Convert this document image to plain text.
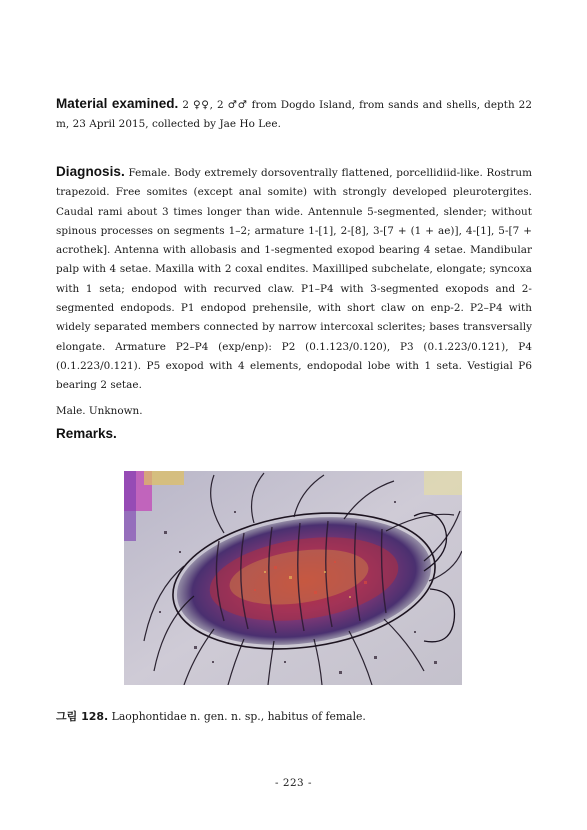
Material examined. 2 ♀♀, 2 ♂♂ from Dogdo Island, from sands and shells, depth 22 m, 23 April 2015, collected by Jae Ho Lee.

Diagnosis. Female. Body extremely dorsoventrally flattened, porcellidiid-like. Rostrum trapezoid. Free somites (except anal somite) with strongly developed pleurotergites. Caudal rami about 3 times longer than wide. Antennule 5-segmented, slender; without spinous processes on segments 1–2; armature 1-[1], 2-[8], 3-[7 + (1 + ae)], 4-[1], 5-[7 + acrothek]. Antenna with allobasis and 1-segmented exopod bearing 4 setae. Mandibular palp with 4 setae. Maxilla with 2 coxal endites. Maxilliped subchelate, elongate; syncoxa with 1 seta; endopod with recurved claw. P1–P4 with 3-segmented exopods and 2-segmented endopods. P1 endopod prehensile, with short claw on enp-2. P2–P4 with widely separated members connected by narrow intercoxal sclerites; bases transversally elongate. Armature P2–P4 (exp/enp): P2 (0.1.123/0.120), P3 (0.1.223/0.121), P4 (0.1.223/0.121). P5 exopod with 4 elements, endopodal lobe with 1 seta. Vestigial P6 bearing 2 setae.

Male. Unknown.
Remarks.
그림 128. Laophontidae n. gen. n. sp., habitus of female.
- 223 -
